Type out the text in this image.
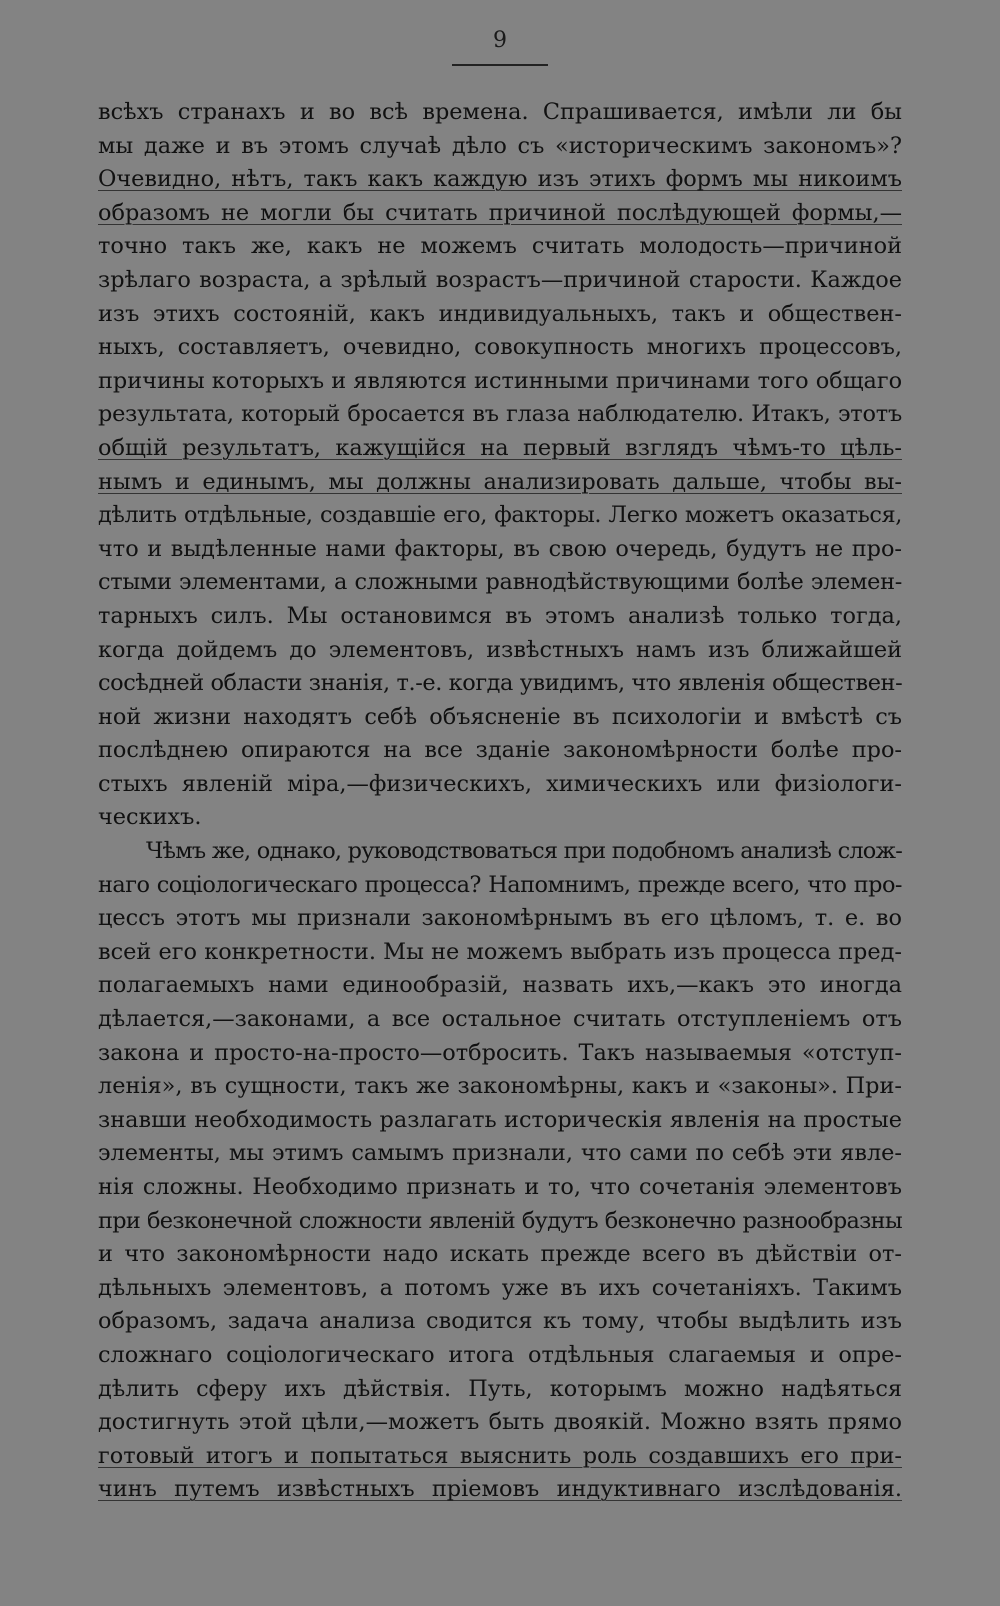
9
всѣхъ странахъ и во всѣ времена. Спрашивается, имѣли ли бы
мы даже и въ этомъ случаѣ дѣло съ «историческимъ закономъ»?
Очевидно, нѣтъ, такъ какъ каждую изъ этихъ формъ мы никоимъ
образомъ не могли бы считать причиной послѣдующей формы,—
точно такъ же, какъ не можемъ считать молодость—причиной
зрѣлаго возраста, а зрѣлый возрастъ—причиной старости. Каждое
изъ этихъ состояній, какъ индивидуальныхъ, такъ и обществен-
ныхъ, составляетъ, очевидно, совокупность многихъ процессовъ,
причины которыхъ и являются истинными причинами того общаго
результата, который бросается въ глаза наблюдателю. Итакъ, этотъ
общій результатъ, кажущійся на первый взглядъ чѣмъ-то цѣль-
нымъ и единымъ, мы должны анализировать дальше, чтобы вы-
дѣлить отдѣльные, создавшіе его, факторы. Легко можетъ оказаться,
что и выдѣленные нами факторы, въ свою очередь, будутъ не про-
стыми элементами, а сложными равнодѣйствующими болѣе элемен-
тарныхъ силъ. Мы остановимся въ этомъ анализѣ только тогда,
когда дойдемъ до элементовъ, извѣстныхъ намъ изъ ближайшей
сосѣдней области знанія, т.-е. когда увидимъ, что явленія обществен-
ной жизни находятъ себѣ объясненіе въ психологіи и вмѣстѣ съ
послѣднею опираются на все зданіе закономѣрности болѣе про-
стыхъ явленій міра,—физическихъ, химическихъ или физіологи-
ческихъ.
Чѣмъ же, однако, руководствоваться при подобномъ анализѣ слож-
наго соціологическаго процесса? Напомнимъ, прежде всего, что про-
цессъ этотъ мы признали закономѣрнымъ въ его цѣломъ, т. е. во
всей его конкретности. Мы не можемъ выбрать изъ процесса пред-
полагаемыхъ нами единообразій, назвать ихъ,—какъ это иногда
дѣлается,—законами, а все остальное считать отступленіемъ отъ
закона и просто-на-просто—отбросить. Такъ называемыя «отступ-
ленія», въ сущности, такъ же закономѣрны, какъ и «законы». При-
знавши необходимость разлагать историческія явленія на простые
элементы, мы этимъ самымъ признали, что сами по себѣ эти явле-
нія сложны. Необходимо признать и то, что сочетанія элементовъ
при безконечной сложности явленій будутъ безконечно разнообразны
и что закономѣрности надо искать прежде всего въ дѣйствіи от-
дѣльныхъ элементовъ, а потомъ уже въ ихъ сочетаніяхъ. Такимъ
образомъ, задача анализа сводится къ тому, чтобы выдѣлить изъ
сложнаго соціологическаго итога отдѣльныя слагаемыя и опре-
дѣлить сферу ихъ дѣйствія. Путь, которымъ можно надѣяться
достигнуть этой цѣли,—можетъ быть двоякій. Можно взять прямо
готовый итогъ и попытаться выяснить роль создавшихъ его при-
чинъ путемъ извѣстныхъ пріемовъ индуктивнаго изслѣдованія.
